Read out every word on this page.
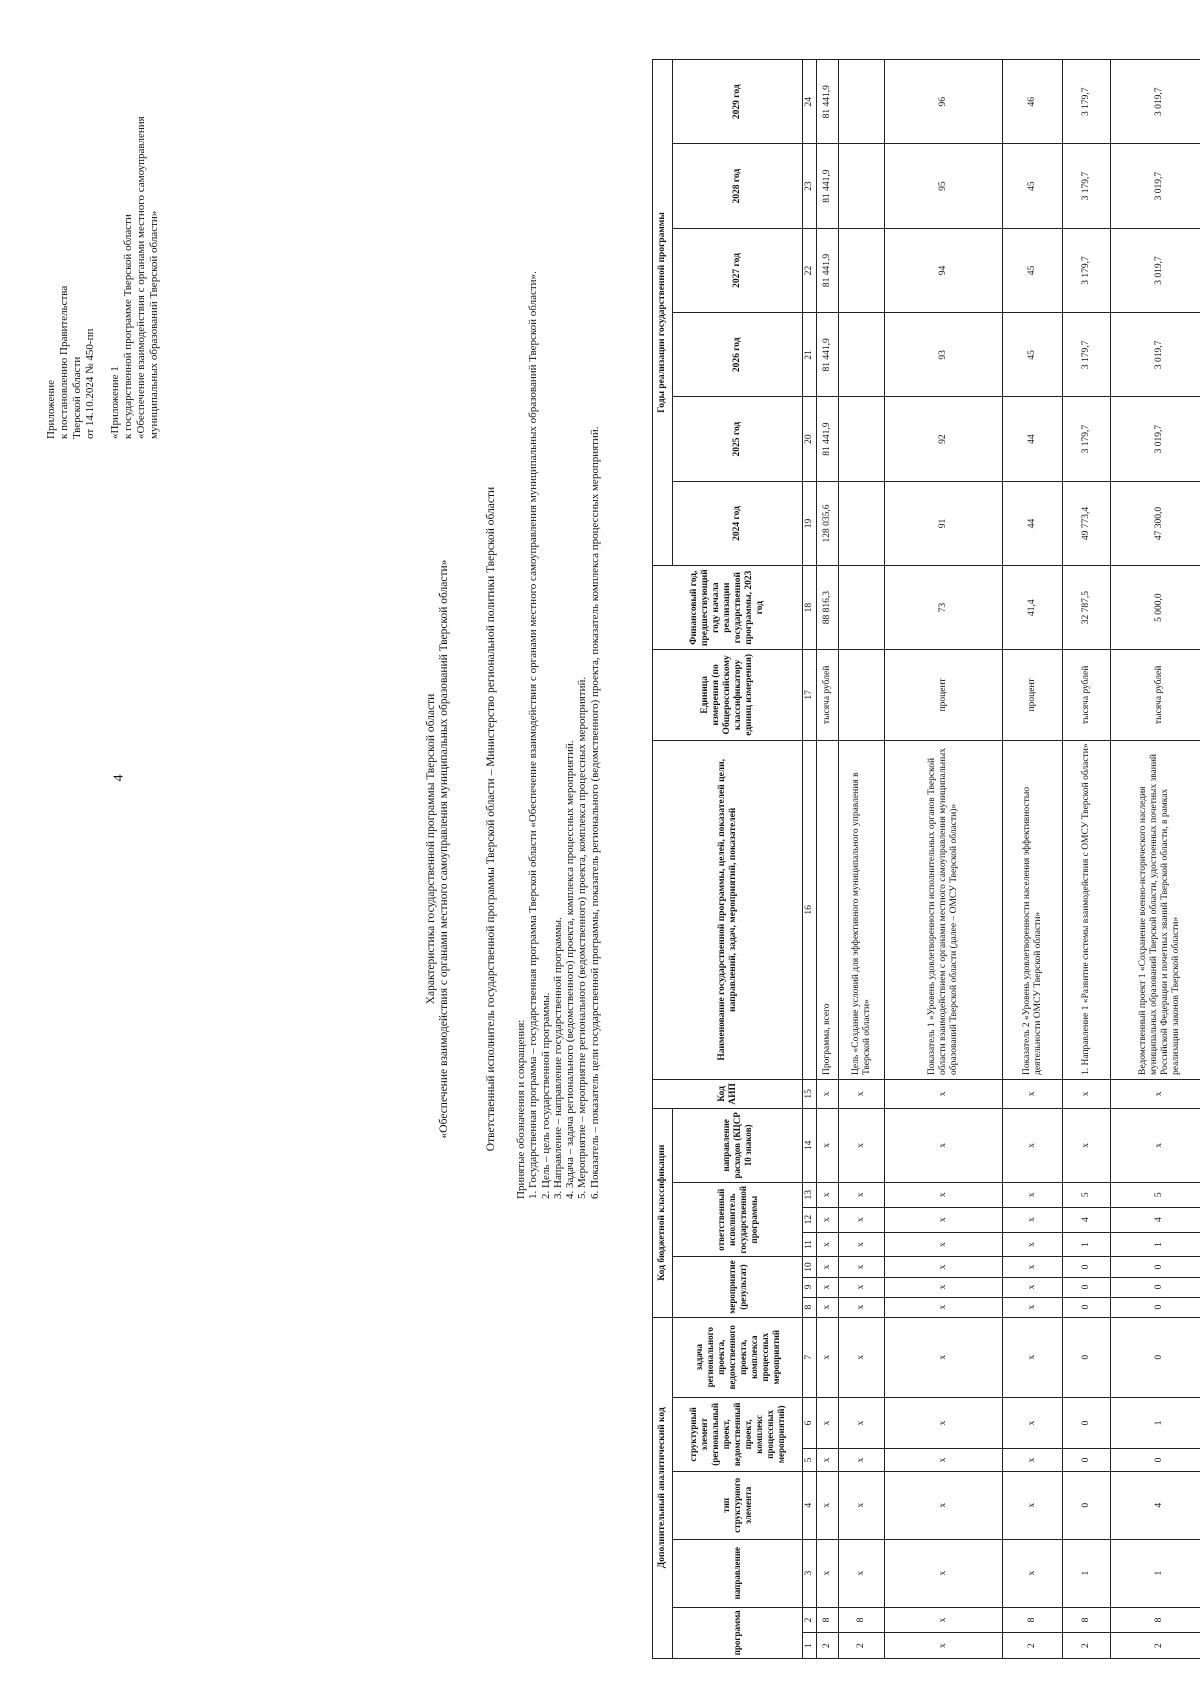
4
Приложение к постановлению Правительства Тверской области от 14.10.2024 № 450-пп «Приложение 1 к государственной программе Тверской области «Обеспечение взаимодействия с органами местного самоуправления муниципальных образований Тверской области»
Характеристика государственной программы Тверской области «Обеспечение взаимодействия с органами местного самоуправления муниципальных образований Тверской области»	Ответственный исполнитель государственной программы Тверской области – Министерство региональной политики Тверской области Принятые обозначения и сокращения: 1. Государственная программа – государственная программа Тверской области «Обеспечение взаимодействия с органами местного самоуправления муниципальных образований Тверской области». 2. Цель – цель государственной программы. 3. Направление – направление государственной программы. 4. Задача – задача регионального (ведомственного) проекта, комплекса процессных мероприятий. 5. Мероприятие – мероприятие регионального (ведомственного) проекта, комплекса процессных мероприятий. 6. Показатель – показатель цели государственной программы, показатель регионального (ведомственного) проекта, показатель комплекса процессных мероприятий.
Дополнительный аналитический код							Код бюджетной классификации							Код АИП	Наименование государственной программы, целей, показателей цели, направлений, задач, мероприятий, показателей	Единица измерения (по Общероссийскому классификатору единиц измерения)	Финансовый год, предшествующий году начала реализации государственной программы, 2023 год	Годы реализации государственной программы					
программа		направление	тип структурного элемента	структурный элемент (региональный проект, ведомственный проект, комплекс процессных мероприятий)		задача регионального проекта, ведомственного проекта, комплекса процессных мероприятий	мероприятие (результат)			ответственный исполнитель государственной программы			направление расходов (КЦСР 10 знаков)					2024 год	2025 год	2026 год	2027 год	2028 год	2029 год
1	2	3	4	5	6	7	8	9	10	11	12	13	14	15	16	17	18	19	20	21	22	23	24
2	8	х	х	х	х	х	х	х	х	х	х	х	х	х	Программа, всего	тысяча рублей	88 816,3	128 035,6	81 441,9	81 441,9	81 441,9	81 441,9	81 441,9
2	8	х	х	х	х	х	х	х	х	х	х	х	х	х	Цель «Создание условий для эффективного муниципального управления в Тверской области»								
х	х	х	х	х	х	х	х	х	х	х	х	х	х	х	Показатель 1 «Уровень удовлетворенности исполнительных органов Тверской области взаимодействием с органами местного самоуправления муниципальных образований Тверской области (далее – ОМСУ Тверской области)»	процент	73	91	92	93	94	95	96
2	8	х	х	х	х	х	х	х	х	х	х	х	х	х	Показатель 2 «Уровень удовлетворенности населения эффективностью деятельности ОМСУ Тверской области»	процент	41,4	44	44	45	45	45	46
2	8	1	0	0	0	0	0	0	0	1	4	5	х	х	1. Направление 1 «Развитие системы взаимодействия с ОМСУ Тверской области»	тысяча рублей	32 787,5	49 773,4	3 179,7	3 179,7	3 179,7	3 179,7	3 179,7
2	8	1	4	0	1	0	0	0	0	1	4	5	х	х	Ведомственный проект 1 «Сохранение военно-исторического наследия муниципальных образований Тверской области, удостоенных почетных званий Российской Федерации и почетных званий Тверской области, в рамках реализации законов Тверской области»	тысяча рублей	5 000,0	47 300,0	3 019,7	3 019,7	3 019,7	3 019,7	3 019,7
